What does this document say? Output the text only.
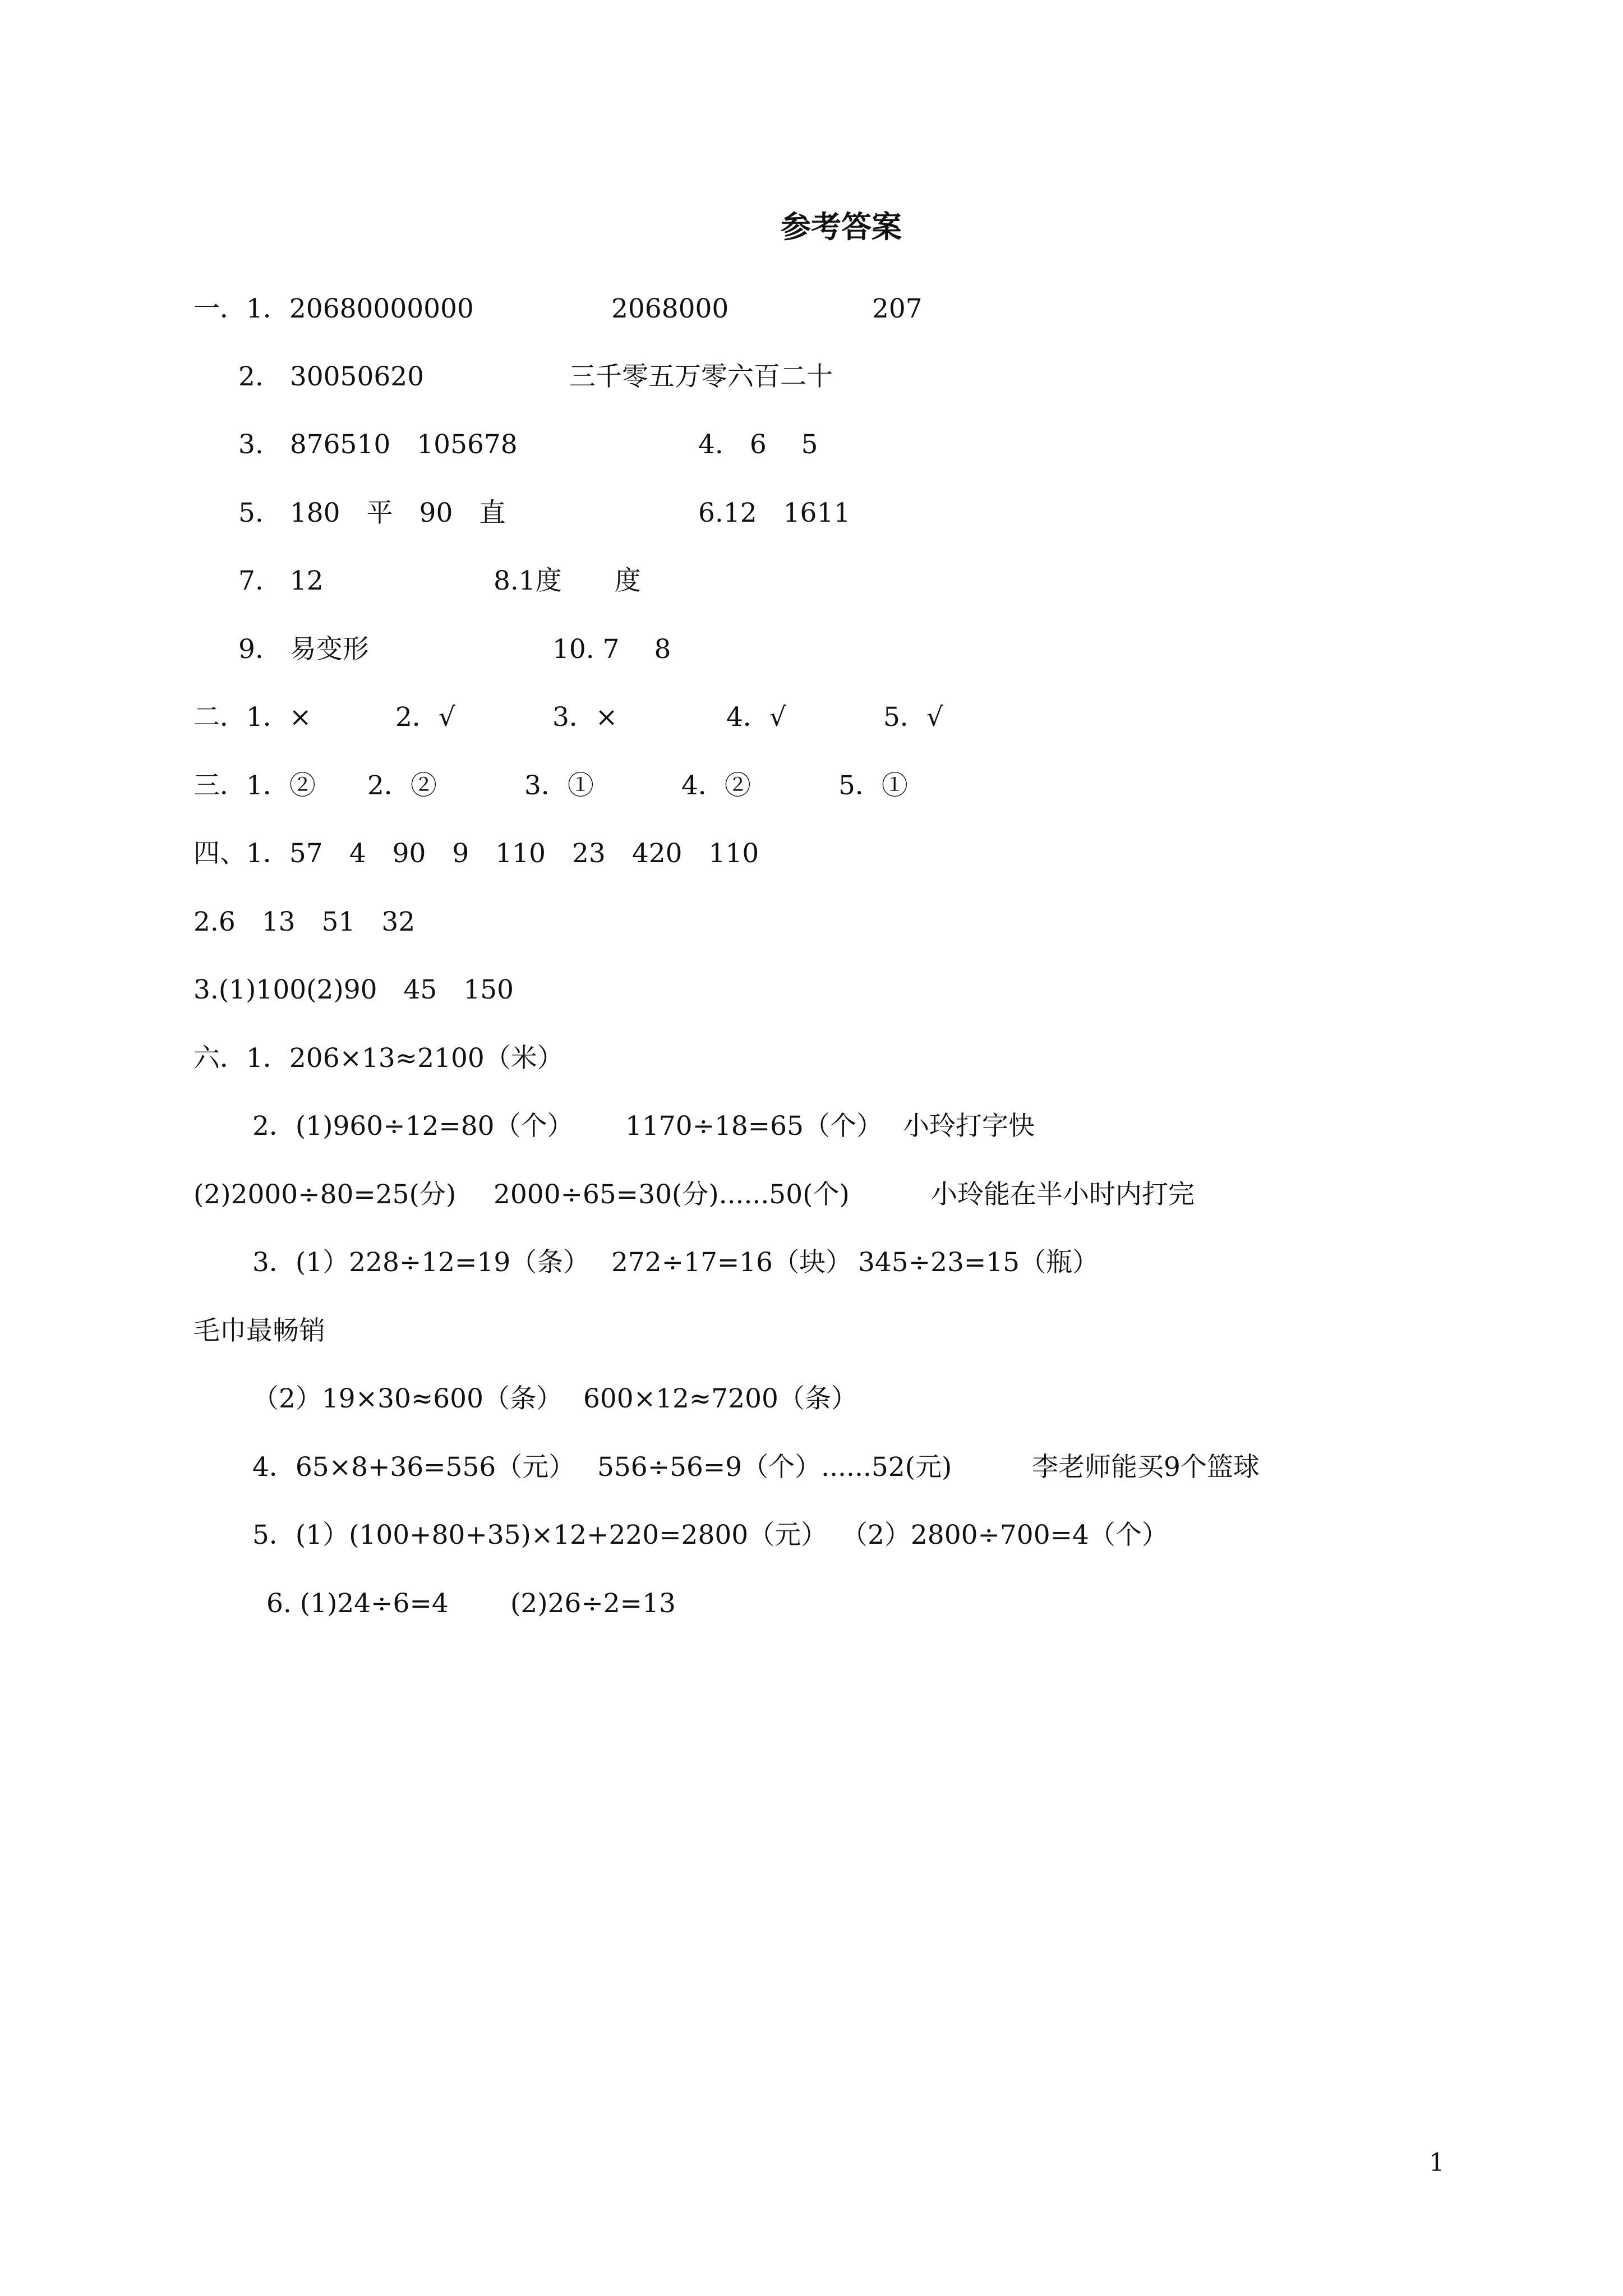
参考答案
一．1．20680000000	2068000	207
2.　30050620	三千零五万零六百二十
3.　876510　105678	4.　6　 5
5.　180　平　90　直	6.12　1611
7.　12	8.1度　　度
9.　易变形	10. 7　 8
二．1．×	2．√	3．×	4．√	5．√
三．1．② 2．②	3．①	4．②	5．①
四、1．57　4　90　9　110　23　420　110
2.6　13　51　32
3.(1)100(2)90　45　150
六．1．206×13≈2100（米）
2．(1)960÷12=80（个） 1170÷18=65（个） 小玲打字快
(2)2000÷80=25(分) 2000÷65=30(分)......50(个)	小玲能在半小时内打完
3．(1）228÷12=19（条） 272÷17=16（块） 345÷23=15（瓶）
毛巾最畅销
（2）19×30≈600（条） 600×12≈7200（条）
4．65×8+36=556（元） 556÷56=9（个）......52(元)	李老师能买9个篮球
5．(1）(100+80+35)×12+220=2800（元） （2）2800÷700=4（个）
6. (1)24÷6=4 (2)26÷2=13
1
